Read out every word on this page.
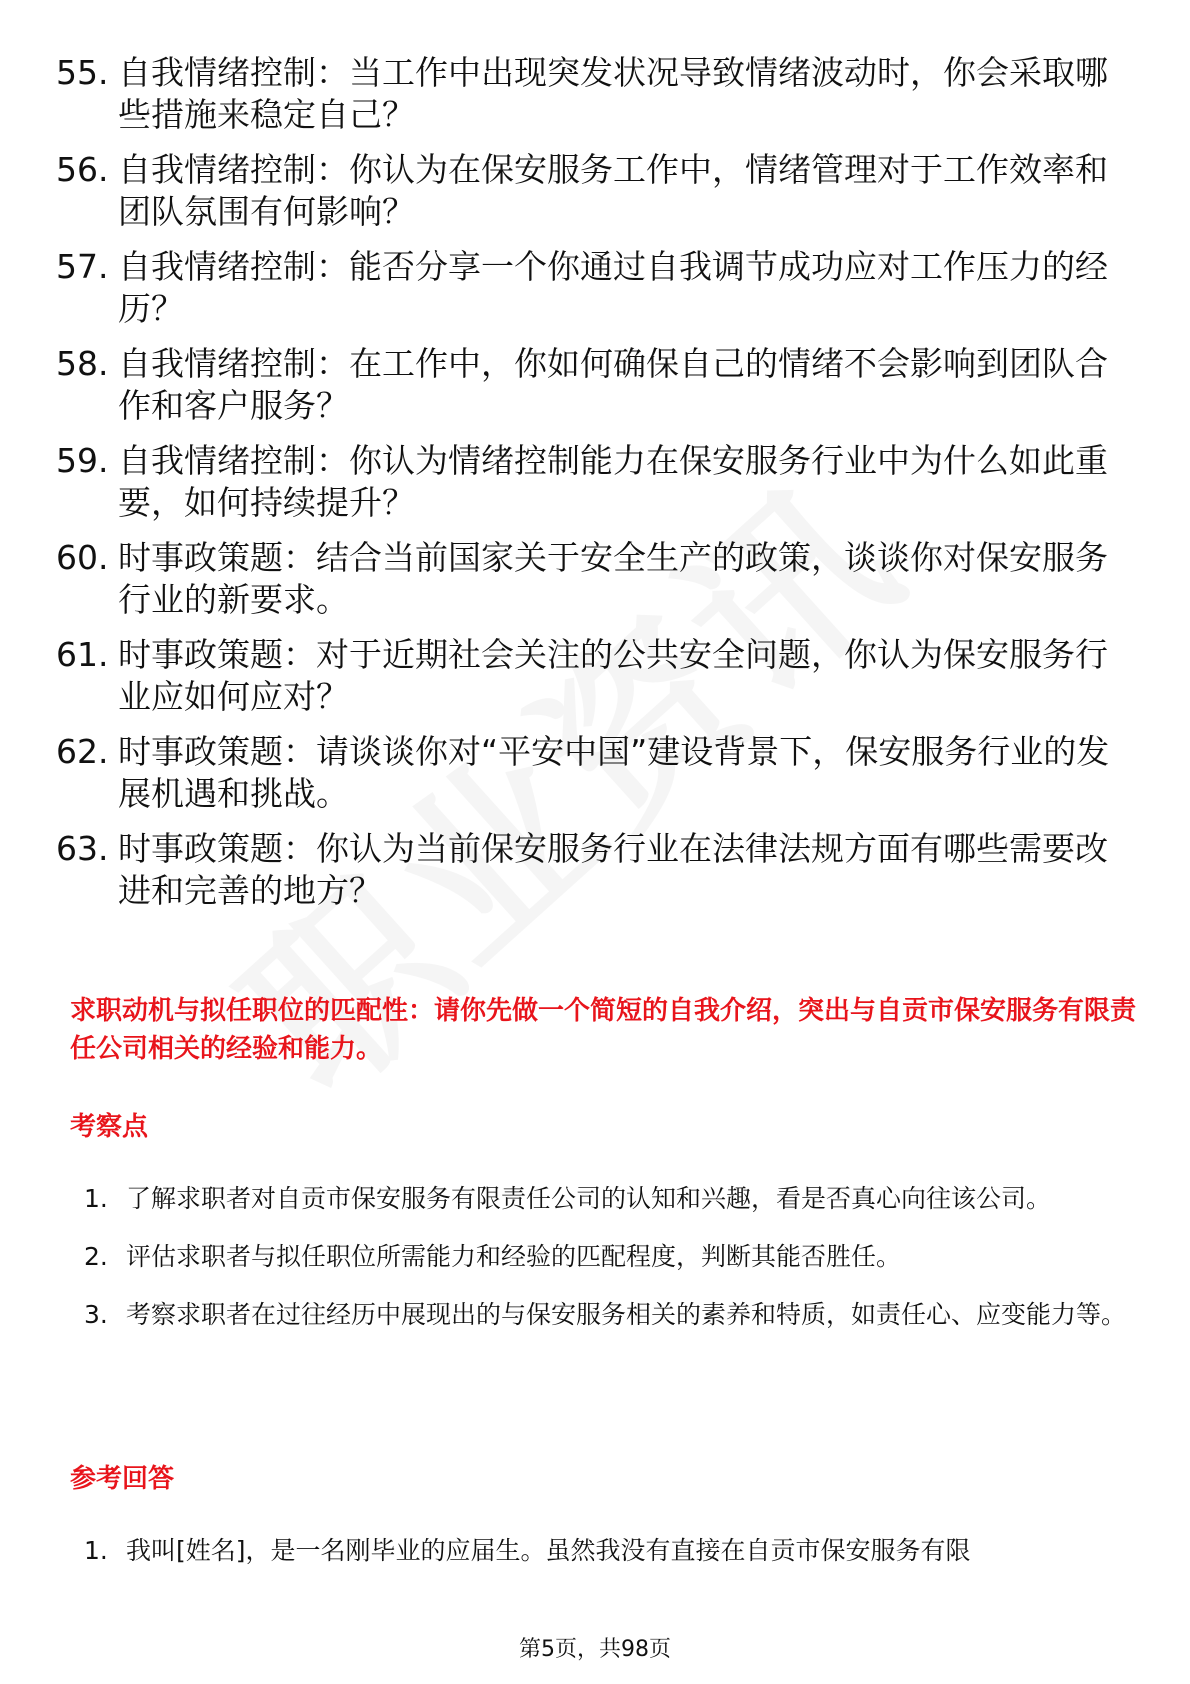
55. 自我情绪控制：当工作中出现突发状况导致情绪波动时，你会采取哪些措施来稳定自己？
56. 自我情绪控制：你认为在保安服务工作中，情绪管理对于工作效率和团队氛围有何影响？
57. 自我情绪控制：能否分享一个你通过自我调节成功应对工作压力的经历？
58. 自我情绪控制：在工作中，你如何确保自己的情绪不会影响到团队合作和客户服务？
59. 自我情绪控制：你认为情绪控制能力在保安服务行业中为什么如此重要，如何持续提升？
60. 时事政策题：结合当前国家关于安全生产的政策，谈谈你对保安服务行业的新要求。
61. 时事政策题：对于近期社会关注的公共安全问题，你认为保安服务行业应如何应对？
62. 时事政策题：请谈谈你对“平安中国”建设背景下，保安服务行业的发展机遇和挑战。
63. 时事政策题：你认为当前保安服务行业在法律法规方面有哪些需要改进和完善的地方？
求职动机与拟任职位的匹配性：请你先做一个简短的自我介绍，突出与自贡市保安服务有限责任公司相关的经验和能力。
考察点
1. 了解求职者对自贡市保安服务有限责任公司的认知和兴趣，看是否真心向往该公司。
2. 评估求职者与拟任职位所需能力和经验的匹配程度，判断其能否胜任。
3. 考察求职者在过往经历中展现出的与保安服务相关的素养和特质，如责任心、应变能力等。
参考回答
1. 我叫[姓名]，是一名刚毕业的应届生。虽然我没有直接在自贡市保安服务有限
第5页，共98页
